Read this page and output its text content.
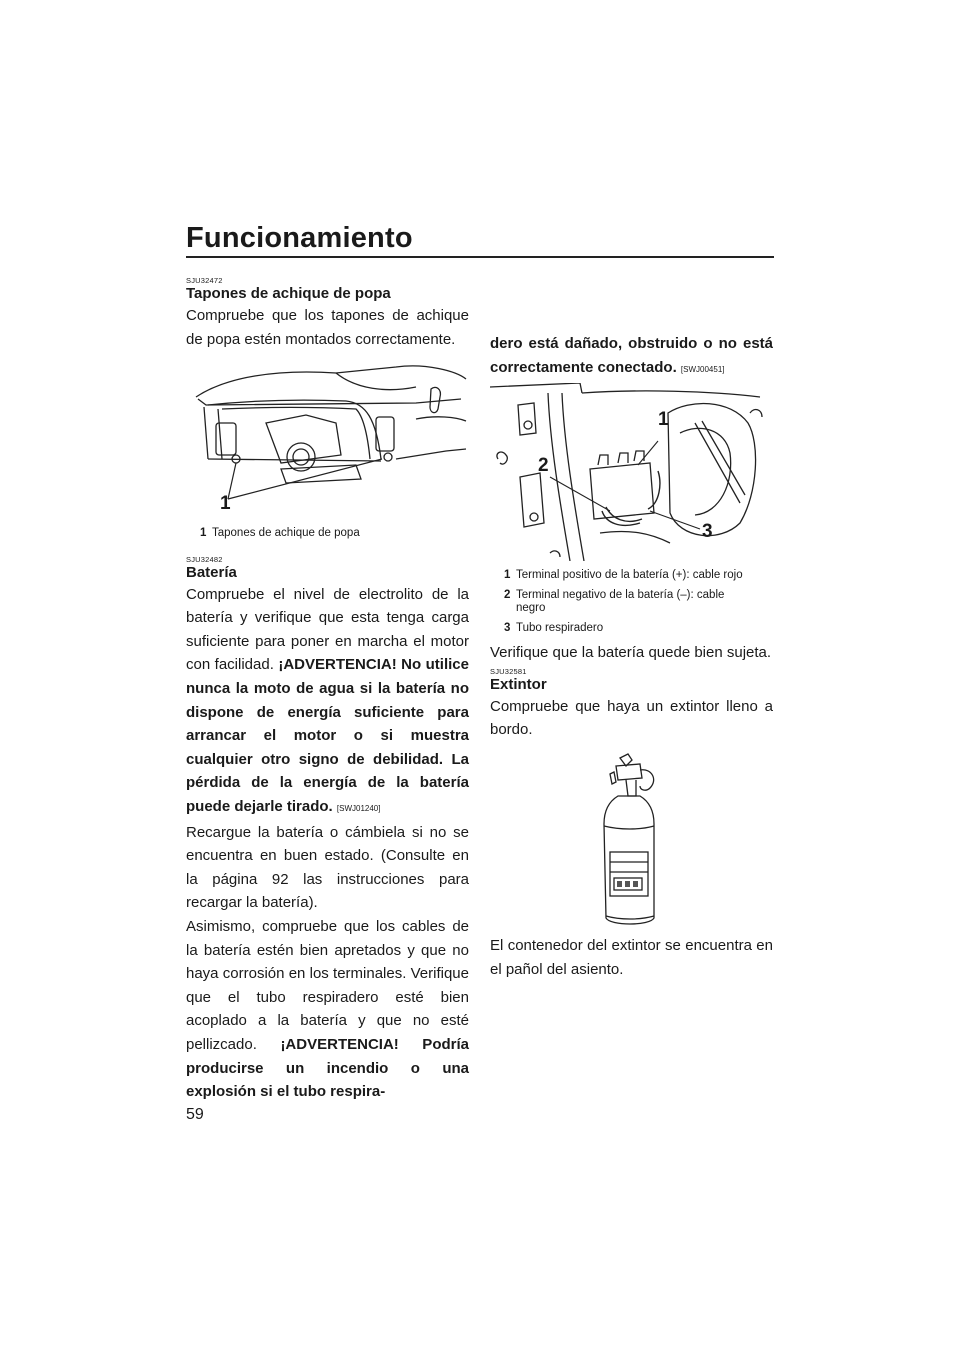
Funcionamiento
SJU32472
Tapones de achique de popa

Compruebe que los tapones de achique de popa estén montados correctamente.

1
1 Tapones de achique de popa
SJU32482
Batería

Compruebe el nivel de electrolito de la batería y verifique que esta tenga carga suficiente para poner en marcha el motor con facilidad. ¡ADVERTENCIA! No utilice nunca la moto de agua si la batería no dispone de energía suficiente para arrancar el motor o si muestra cualquier otro signo de debilidad. La pérdida de la energía de la batería puede dejarle tirado. [SWJ01240]

Recargue la batería o cámbiela si no se encuentra en buen estado. (Consulte en la página 92 las instrucciones para recargar la batería).

Asimismo, compruebe que los cables de la batería estén bien apretados y que no haya corrosión en los terminales. Verifique que el tubo respiradero esté bien acoplado a la batería y que no esté pellizcado. ¡ADVERTENCIA! Podría producirse un incendio o una explosión si el tubo respira-

dero está dañado, obstruido o no está correctamente conectado. [SWJ00451]

1
2
3
1 Terminal positivo de la batería (+): cable rojo
2 Terminal negativo de la batería (–): cable negro
3 Tubo respiradero

Verifique que la batería quede bien sujeta.

SJU32581
Extintor

Compruebe que haya un extintor lleno a bordo.

El contenedor del extintor se encuentra en el pañol del asiento.

59
